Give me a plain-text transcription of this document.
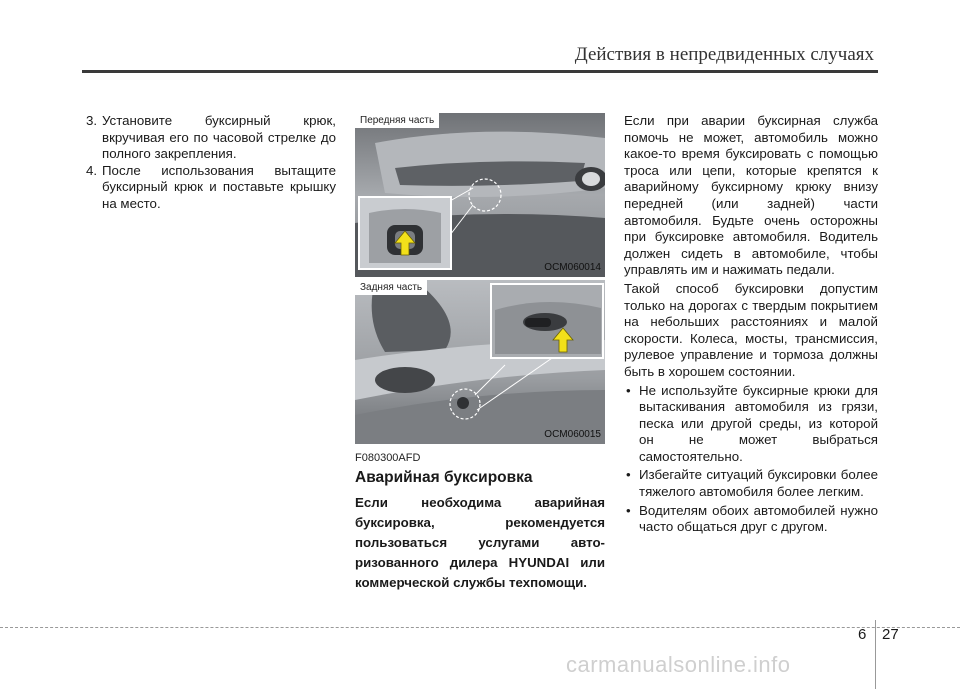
Действия в непредвиденных случаях
3. Установите буксирный крюк, вкручивая его по часовой стрелке до полного закрепления.
4. После использования вытащите буксирный крюк и поставьте крышку на место.
Передняя часть
OCM060014
Задняя часть
OCM060015
F080300AFD
Аварийная буксировка
Если необходима аварийная буксировка, рекомендуется пользоваться услугами авто-ризованного дилера HYUNDAI или коммерческой службы техпомощи.

Если при аварии буксирная служба помочь не может, автомобиль можно какое-то время буксировать с помощью троса или цепи, которые крепятся к аварийному буксирному крюку внизу передней (или задней) части автомобиля. Будьте очень осторожны при буксировке автомобиля. Водитель должен сидеть в автомобиле, чтобы управлять им и нажимать педали.

Такой способ буксировки допустим только на дорогах с твердым покрытием на небольших расстояниях и малой скорости. Колеса, мосты, трансмиссия, рулевое управление и тормоза должны быть в хорошем состоянии.

• Не используйте буксирные крюки для вытаскивания автомобиля из грязи, песка или другой среды, из которой он не может выбраться самостоятельно.
• Избегайте ситуаций буксировки более тяжелого автомобиля более легким.
• Водителям обоих автомобилей нужно часто общаться друг с другом.
6 27
carmanualsonline.info
